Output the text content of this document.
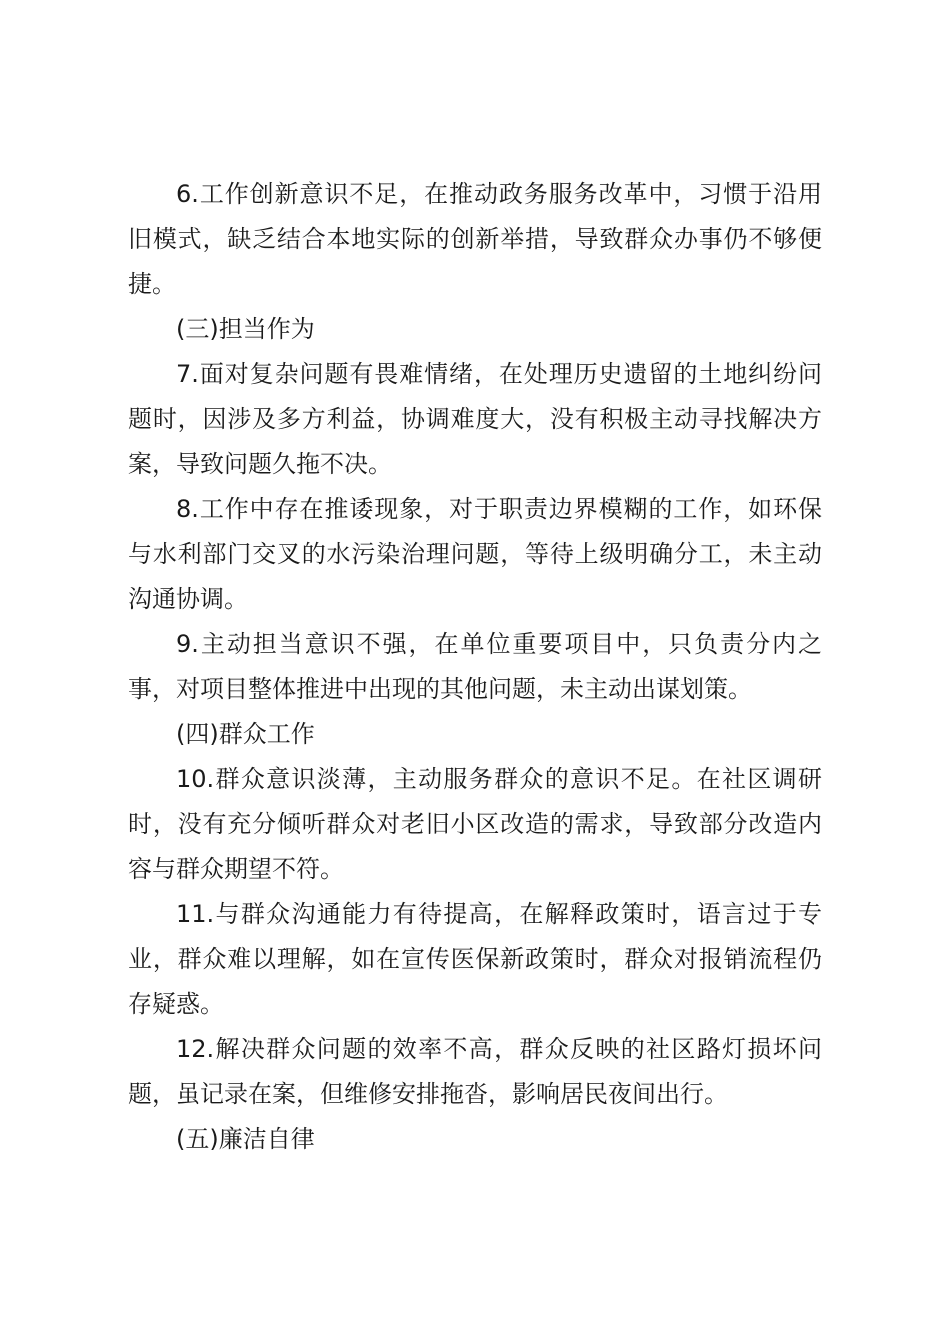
6.工作创新意识不足，在推动政务服务改革中，习惯于沿用旧模式，缺乏结合本地实际的创新举措，导致群众办事仍不够便捷。

(三)担当作为

7.面对复杂问题有畏难情绪，在处理历史遗留的土地纠纷问题时，因涉及多方利益，协调难度大，没有积极主动寻找解决方案，导致问题久拖不决。

8.工作中存在推诿现象，对于职责边界模糊的工作，如环保与水利部门交叉的水污染治理问题，等待上级明确分工，未主动沟通协调。

9.主动担当意识不强，在单位重要项目中，只负责分内之事，对项目整体推进中出现的其他问题，未主动出谋划策。

(四)群众工作

10.群众意识淡薄，主动服务群众的意识不足。在社区调研时，没有充分倾听群众对老旧小区改造的需求，导致部分改造内容与群众期望不符。

11.与群众沟通能力有待提高，在解释政策时，语言过于专业，群众难以理解，如在宣传医保新政策时，群众对报销流程仍存疑惑。

12.解决群众问题的效率不高，群众反映的社区路灯损坏问题，虽记录在案，但维修安排拖沓，影响居民夜间出行。

(五)廉洁自律
